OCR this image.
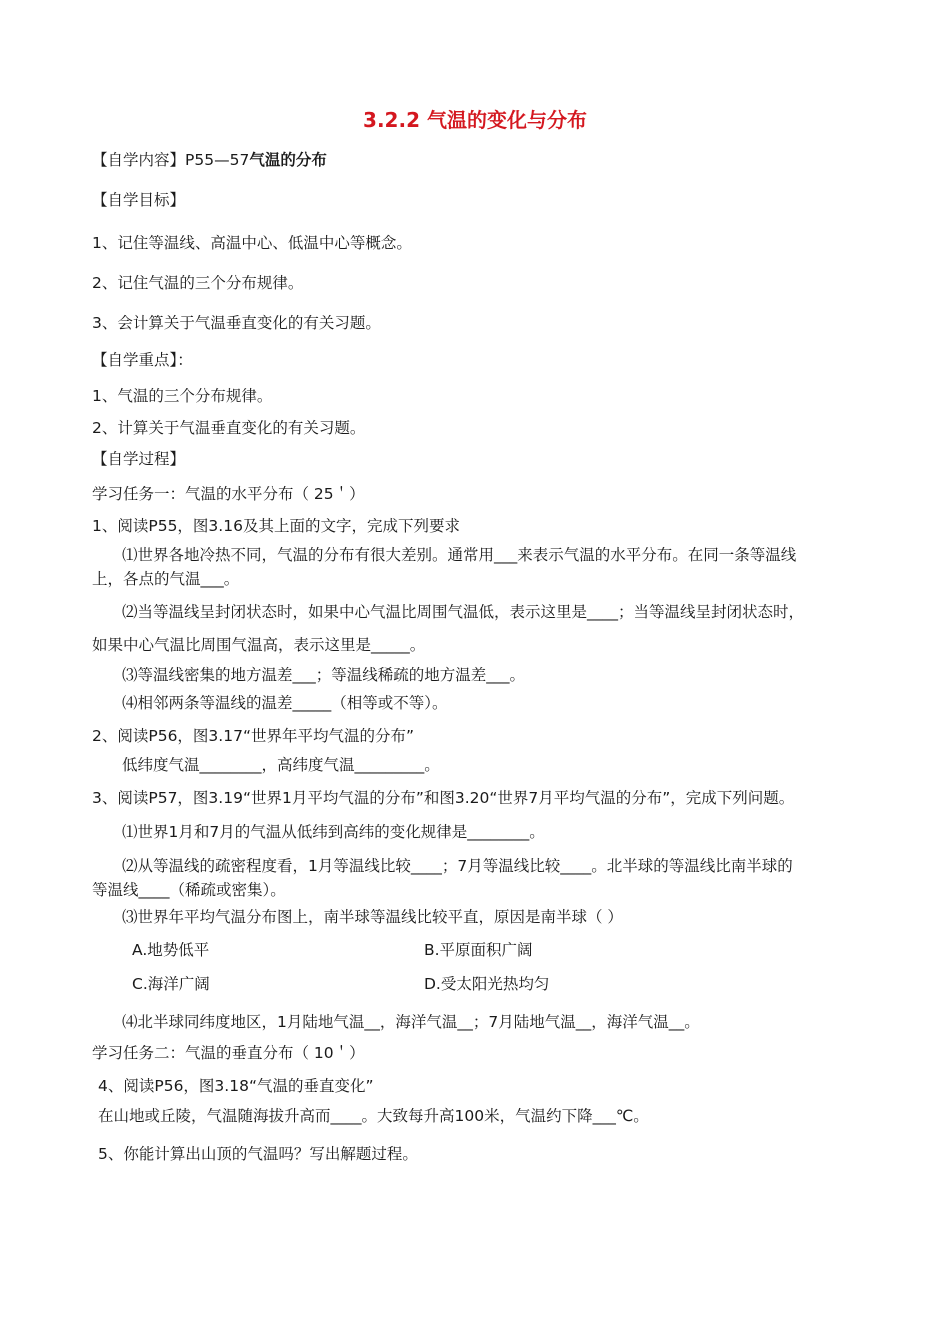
3.2.2 气温的变化与分布
【自学内容】P55—57气温的分布
【自学目标】
1、记住等温线、高温中心、低温中心等概念。
2、记住气温的三个分布规律。
3、会计算关于气温垂直变化的有关习题。
【自学重点】：
1、气温的三个分布规律。
2、计算关于气温垂直变化的有关习题。
【自学过程】
学习任务一：气温的水平分布（ 25＇）
1、阅读P55，图3.16及其上面的文字，完成下列要求
⑴世界各地冷热不同，气温的分布有很大差别。通常用___来表示气温的水平分布。在同一条等温线
上，各点的气温___。
⑵当等温线呈封闭状态时，如果中心气温比周围气温低，表示这里是____；当等温线呈封闭状态时，
如果中心气温比周围气温高，表示这里是_____。
⑶等温线密集的地方温差___；等温线稀疏的地方温差___。
⑷相邻两条等温线的温差_____（相等或不等）。
2、阅读P56，图3.17“世界年平均气温的分布”
低纬度气温________，高纬度气温_________。
3、阅读P57，图3.19“世界1月平均气温的分布”和图3.20“世界7月平均气温的分布”，完成下列问题。
⑴世界1月和7月的气温从低纬到高纬的变化规律是________。
⑵从等温线的疏密程度看，1月等温线比较____；7月等温线比较____。北半球的等温线比南半球的
等温线____（稀疏或密集）。
⑶世界年平均气温分布图上，南半球等温线比较平直，原因是南半球（ ）
A.地势低平	B.平原面积广阔
C.海洋广阔	D.受太阳光热均匀
⑷北半球同纬度地区，1月陆地气温__，海洋气温__；7月陆地气温__，海洋气温__。
学习任务二：气温的垂直分布（ 10＇）
4、阅读P56，图3.18“气温的垂直变化”
在山地或丘陵，气温随海拔升高而____。大致每升高100米，气温约下降___℃。
5、你能计算出山顶的气温吗？写出解题过程。
